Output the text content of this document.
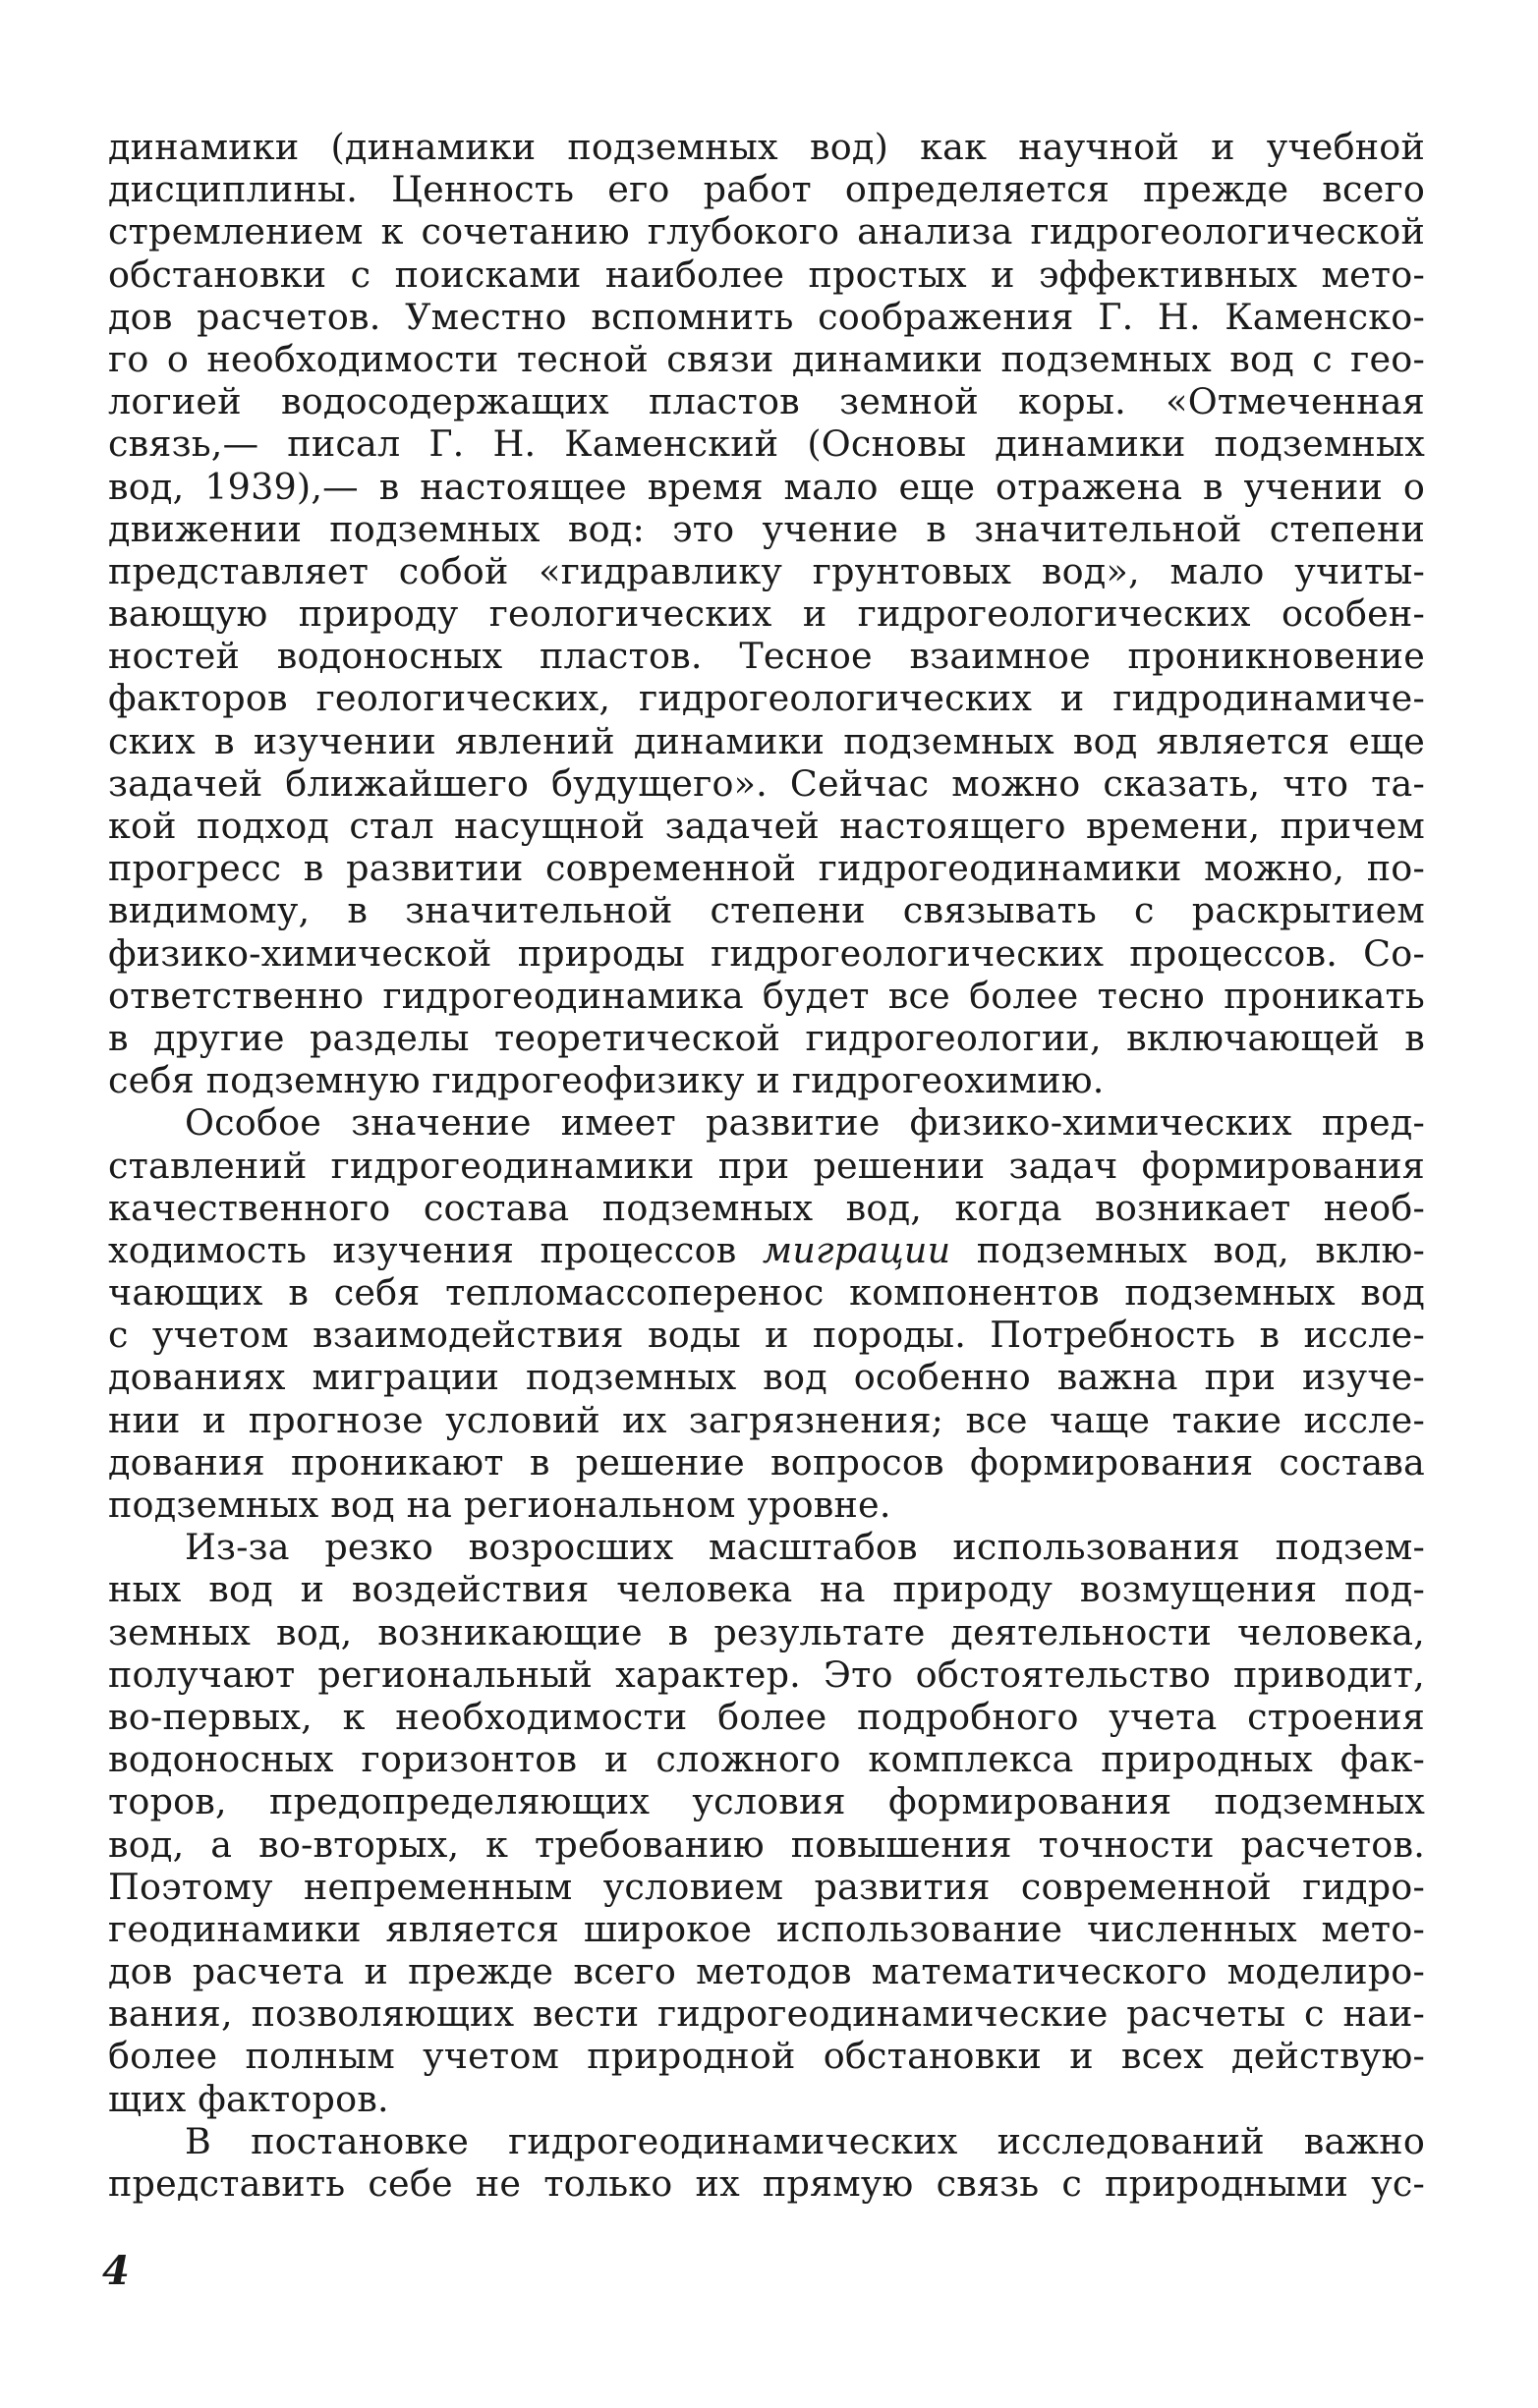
динамики (динамики подземных вод) как научной и учебной
дисциплины. Ценность его работ определяется прежде всего
стремлением к сочетанию глубокого анализа гидрогеологической
обстановки с поисками наиболее простых и эффективных мето-
дов расчетов. Уместно вспомнить соображения Г. Н. Каменско-
го о необходимости тесной связи динамики подземных вод с гео-
логией водосодержащих пластов земной коры. «Отмеченная
связь,— писал Г. Н. Каменский (Основы динамики подземных
вод, 1939),— в настоящее время мало еще отражена в учении о
движении подземных вод: это учение в значительной степени
представляет собой «гидравлику грунтовых вод», мало учиты-
вающую природу геологических и гидрогеологических особен-
ностей водоносных пластов. Тесное взаимное проникновение
факторов геологических, гидрогеологических и гидродинамиче-
ских в изучении явлений динамики подземных вод является еще
задачей ближайшего будущего». Сейчас можно сказать, что та-
кой подход стал насущной задачей настоящего времени, причем
прогресс в развитии современной гидрогеодинамики можно, по-
видимому, в значительной степени связывать с раскрытием
физико-химической природы гидрогеологических процессов. Со-
ответственно гидрогеодинамика будет все более тесно проникать
в другие разделы теоретической гидрогеологии, включающей в
себя подземную гидрогеофизику и гидрогеохимию.
Особое значение имеет развитие физико-химических пред-
ставлений гидрогеодинамики при решении задач формирования
качественного состава подземных вод, когда возникает необ-
ходимость изучения процессов миграции подземных вод, вклю-
чающих в себя тепломассоперенос компонентов подземных вод
с учетом взаимодействия воды и породы. Потребность в иссле-
дованиях миграции подземных вод особенно важна при изуче-
нии и прогнозе условий их загрязнения; все чаще такие иссле-
дования проникают в решение вопросов формирования состава
подземных вод на региональном уровне.
Из-за резко возросших масштабов использования подзем-
ных вод и воздействия человека на природу возмущения под-
земных вод, возникающие в результате деятельности человека,
получают региональный характер. Это обстоятельство приводит,
во-первых, к необходимости более подробного учета строения
водоносных горизонтов и сложного комплекса природных фак-
торов, предопределяющих условия формирования подземных
вод, а во-вторых, к требованию повышения точности расчетов.
Поэтому непременным условием развития современной гидро-
геодинамики является широкое использование численных мето-
дов расчета и прежде всего методов математического моделиро-
вания, позволяющих вести гидрогеодинамические расчеты с наи-
более полным учетом природной обстановки и всех действую-
щих факторов.
В постановке гидрогеодинамических исследований важно
представить себе не только их прямую связь с природными ус-
4
